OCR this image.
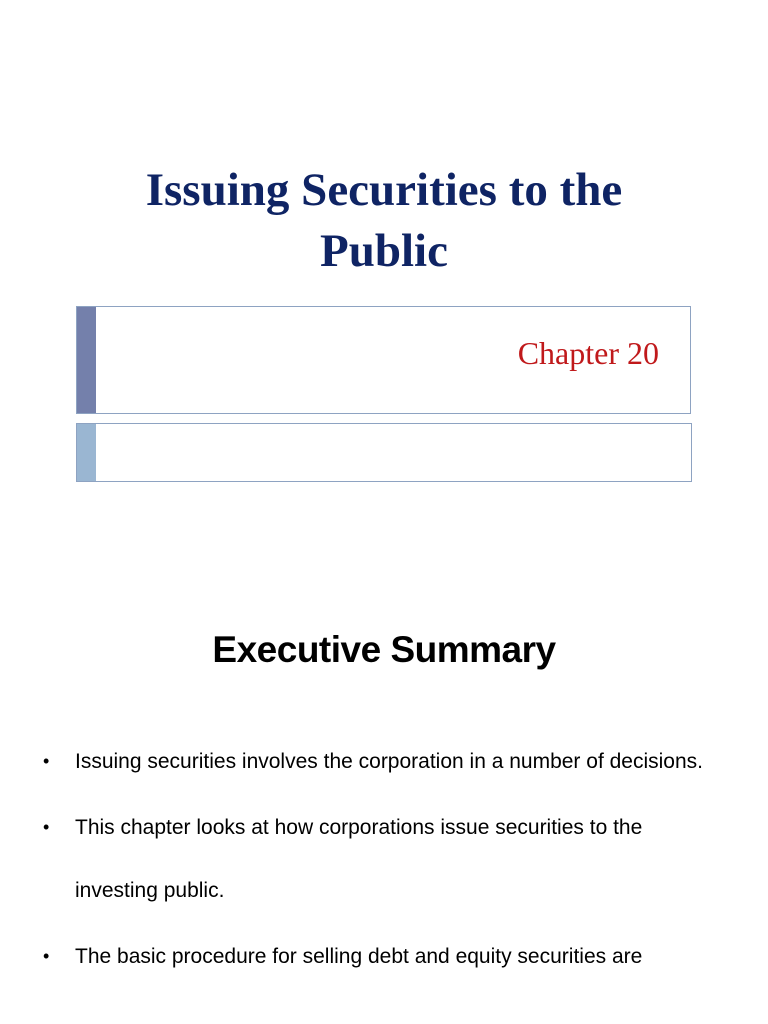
Issuing Securities to the Public
Chapter 20
Executive Summary
• Issuing securities involves the corporation in a number of decisions.
• This chapter looks at how corporations issue securities to the investing public.
• The basic procedure for selling debt and equity securities are
